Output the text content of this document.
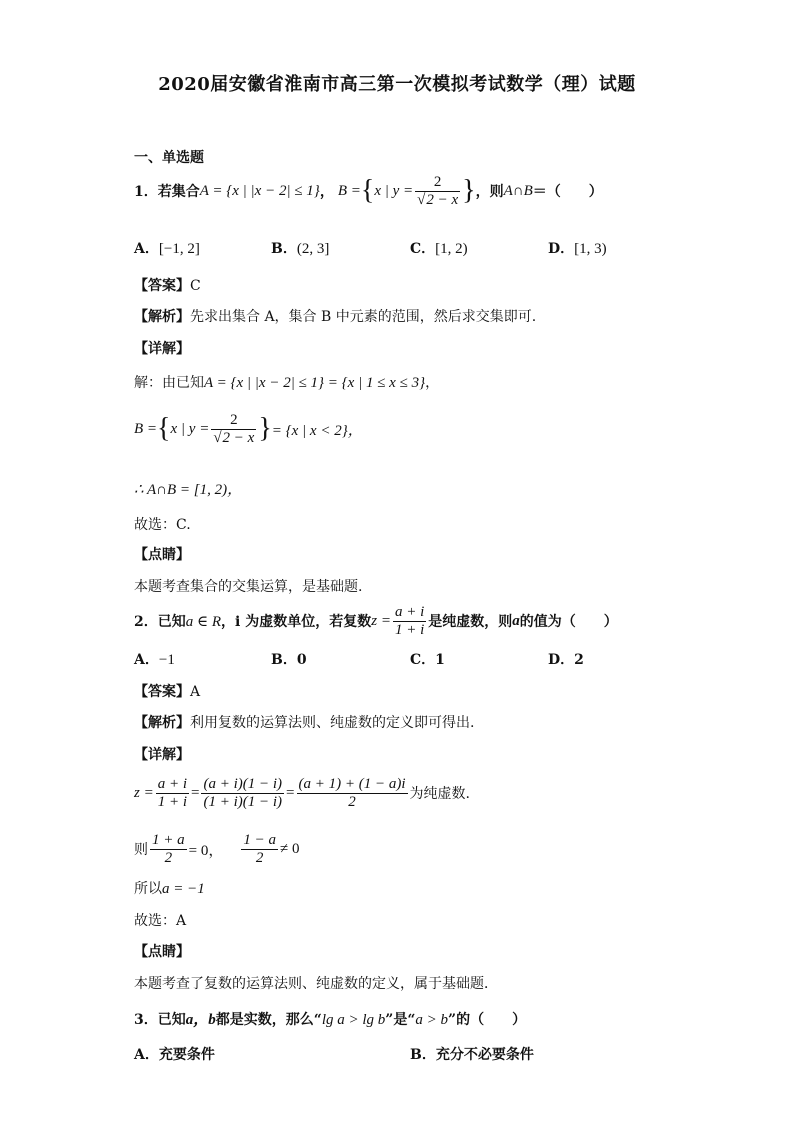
2020届安徽省淮南市高三第一次模拟考试数学（理）试题
一、单选题
1． 若集合 A = {x | |x − 2| ≤ 1} ， B = { x | $y = \frac{2}{√2 - x}$ } ，则 A∩B ＝（　　）
A．[−1, 2]	B．(2, 3]	C．[1, 2)	D．[1, 3)
【答案】C
【解析】先求出集合 A，集合 B 中元素的范围，然后求交集即可.
【详解】
解：由已知A = {x | |x − 2| ≤ 1} = {x | 1 ≤ x ≤ 3}，
B = { x | $y = \frac{2}{√2 - x}$ } = {x | x < 2}，
∴ A∩B = [1, 2)，
故选：C.
【点睛】
本题考查集合的交集运算，是基础题.
2． 已知 a ∈ R ，i 为虚数单位，若复数 $z = \frac{a + i}{1 + i}$ 是纯虚数，则 a 的值为（　　）
A．−1	B．0	C．1	D．2
【答案】A
【解析】利用复数的运算法则、纯虚数的定义即可得出.
【详解】
$z = \frac{a + i}{1 + i} = \frac{(a + i)(1 - i)}{(1 + i)(1 - i)} = \frac{(a + 1) + (1 - a)i}{2}$ 为纯虚数.
则 $\frac{1 + a}{2} = 0$， $\frac{1 - a}{2} \ne 0$
所以a = −1
故选：A
【点睛】
本题考查了复数的运算法则、纯虚数的定义，属于基础题．
3．已知a，b都是实数，那么“lg a > lg b”是“a > b”的（　　）
A．充要条件	B．充分不必要条件
